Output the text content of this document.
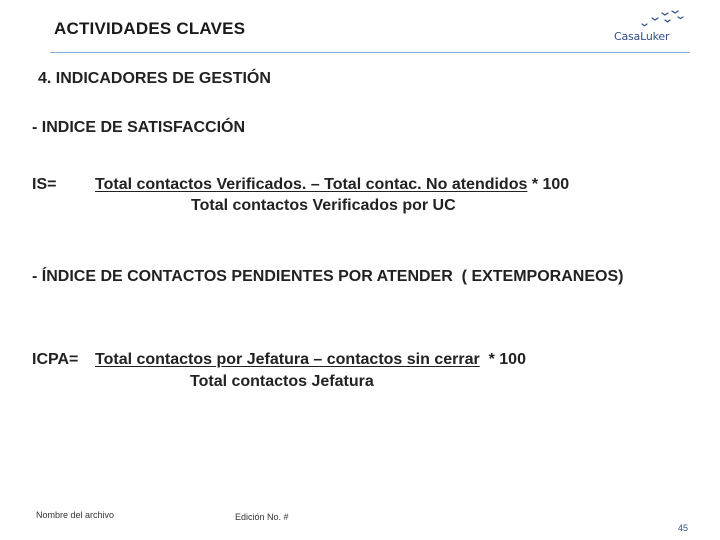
ACTIVIDADES CLAVES	CasaLuker
4. INDICADORES DE GESTIÓN
- INDICE DE SATISFACCIÓN
IS= Total contactos Verificados. – Total contac. No atendidos * 100
Total contactos Verificados por UC
- ÍNDICE DE CONTACTOS PENDIENTES POR ATENDER  ( EXTEMPORANEOS)
ICPA= Total contactos por Jefatura – contactos sin cerrar  * 100
Total contactos Jefatura
Nombre del archivo	Edición No. #
45
